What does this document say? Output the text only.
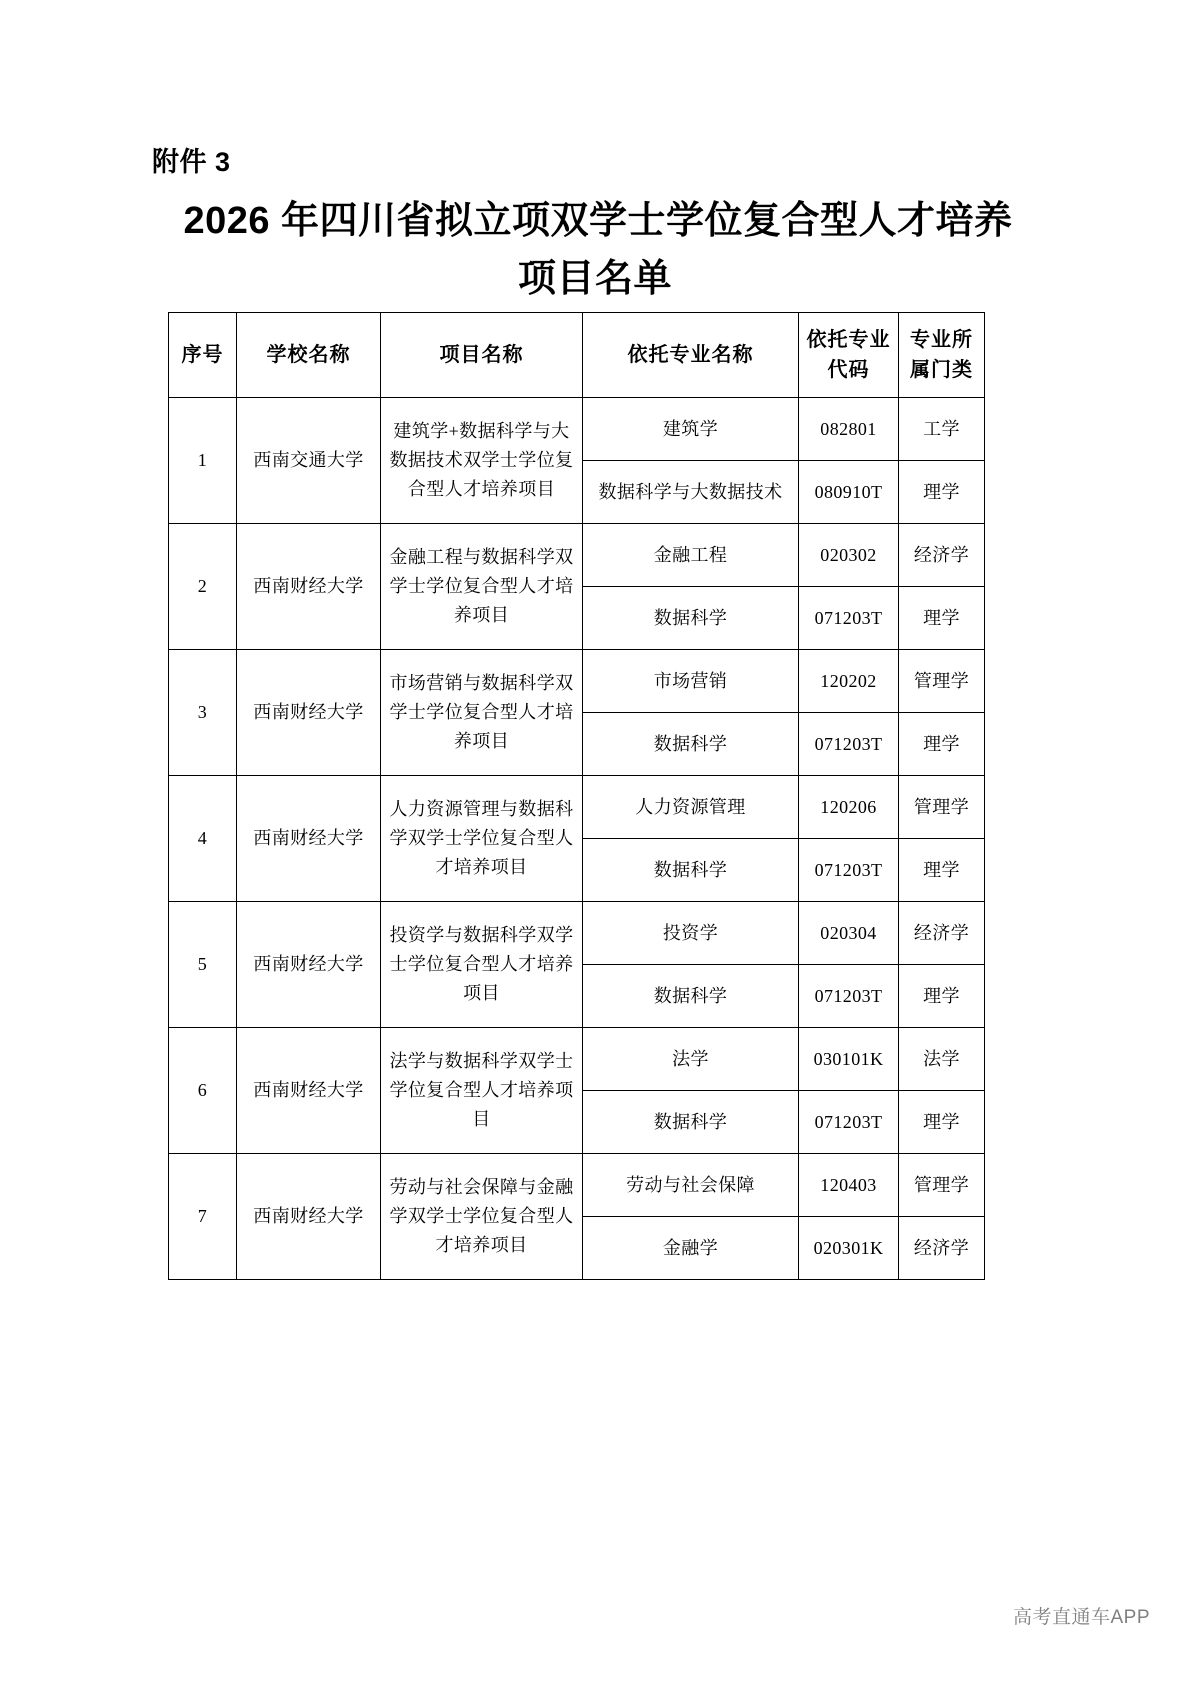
附件 3
2026 年四川省拟立项双学士学位复合型人才培养
项目名单
序号	学校名称	项目名称	依托专业名称	依托专业代码	专业所属门类
1	西南交通大学	建筑学+数据科学与大数据技术双学士学位复合型人才培养项目	建筑学	082801	工学
			数据科学与大数据技术	080910T	理学
2	西南财经大学	金融工程与数据科学双学士学位复合型人才培养项目	金融工程	020302	经济学
			数据科学	071203T	理学
3	西南财经大学	市场营销与数据科学双学士学位复合型人才培养项目	市场营销	120202	管理学
			数据科学	071203T	理学
4	西南财经大学	人力资源管理与数据科学双学士学位复合型人才培养项目	人力资源管理	120206	管理学
			数据科学	071203T	理学
5	西南财经大学	投资学与数据科学双学士学位复合型人才培养项目	投资学	020304	经济学
			数据科学	071203T	理学
6	西南财经大学	法学与数据科学双学士学位复合型人才培养项目	法学	030101K	法学
			数据科学	071203T	理学
7	西南财经大学	劳动与社会保障与金融学双学士学位复合型人才培养项目	劳动与社会保障	120403	管理学
			金融学	020301K	经济学
高考直通车APP
